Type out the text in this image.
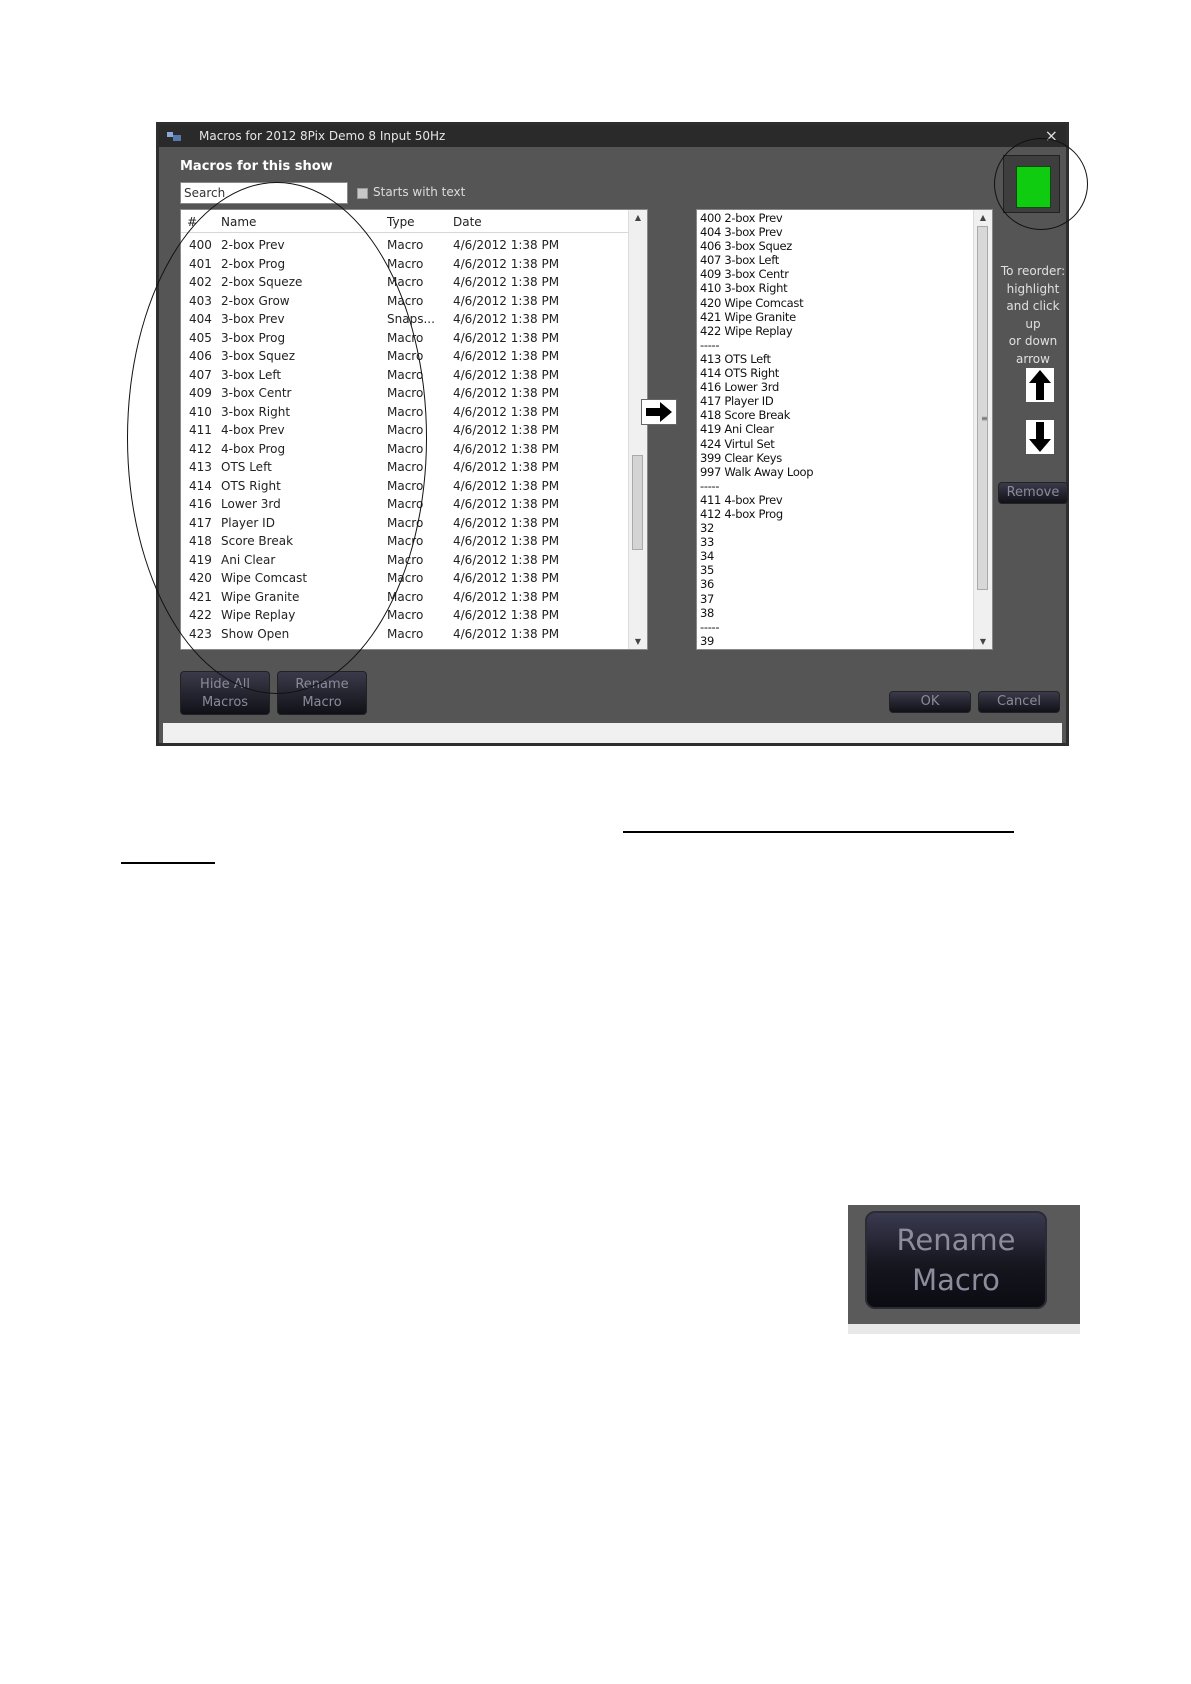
Macros for 2012 8Pix Demo 8 Input 50Hz	×
Macros for this show
Search
Starts with text
# Name	Type	Date
400 2-box Prev	Macro 4/6/2012 1:38 PM
401 2-box Prog	Macro 4/6/2012 1:38 PM
402 2-box Squeze	Macro 4/6/2012 1:38 PM
403 2-box Grow	Macro 4/6/2012 1:38 PM
404 3-box Prev	Snaps... 4/6/2012 1:38 PM
405 3-box Prog	Macro 4/6/2012 1:38 PM
406 3-box Squez	Macro 4/6/2012 1:38 PM
407 3-box Left	Macro 4/6/2012 1:38 PM
409 3-box Centr	Macro 4/6/2012 1:38 PM
410 3-box Right	Macro 4/6/2012 1:38 PM
411 4-box Prev	Macro 4/6/2012 1:38 PM
412 4-box Prog	Macro 4/6/2012 1:38 PM
413 OTS Left	Macro 4/6/2012 1:38 PM
414 OTS Right	Macro 4/6/2012 1:38 PM
416 Lower 3rd	Macro 4/6/2012 1:38 PM
417 Player ID	Macro 4/6/2012 1:38 PM
418 Score Break	Macro 4/6/2012 1:38 PM
419 Ani Clear	Macro 4/6/2012 1:38 PM
420 Wipe Comcast	Macro 4/6/2012 1:38 PM
421 Wipe Granite	Macro 4/6/2012 1:38 PM
422 Wipe Replay	Macro 4/6/2012 1:38 PM
423 Show Open	Macro 4/6/2012 1:38 PM
▲
▼
400 2-box Prev
404 3-box Prev
406 3-box Squez
407 3-box Left
409 3-box Centr
410 3-box Right
420 Wipe Comcast
421 Wipe Granite
422 Wipe Replay
-----
413 OTS Left
414 OTS Right
416 Lower 3rd
417 Player ID
418 Score Break
419 Ani Clear
424 Virtul Set
399 Clear Keys
997 Walk Away Loop
-----
411 4-box Prev
412 4-box Prog
32
33
34
35
36
37
38
-----
39
▲
≡
▼
To reorder:
highlight
and click up
or down
arrow
Remove
Hide All
Macros
Rename
Macro	OK	Cancel
Rename
Macro
